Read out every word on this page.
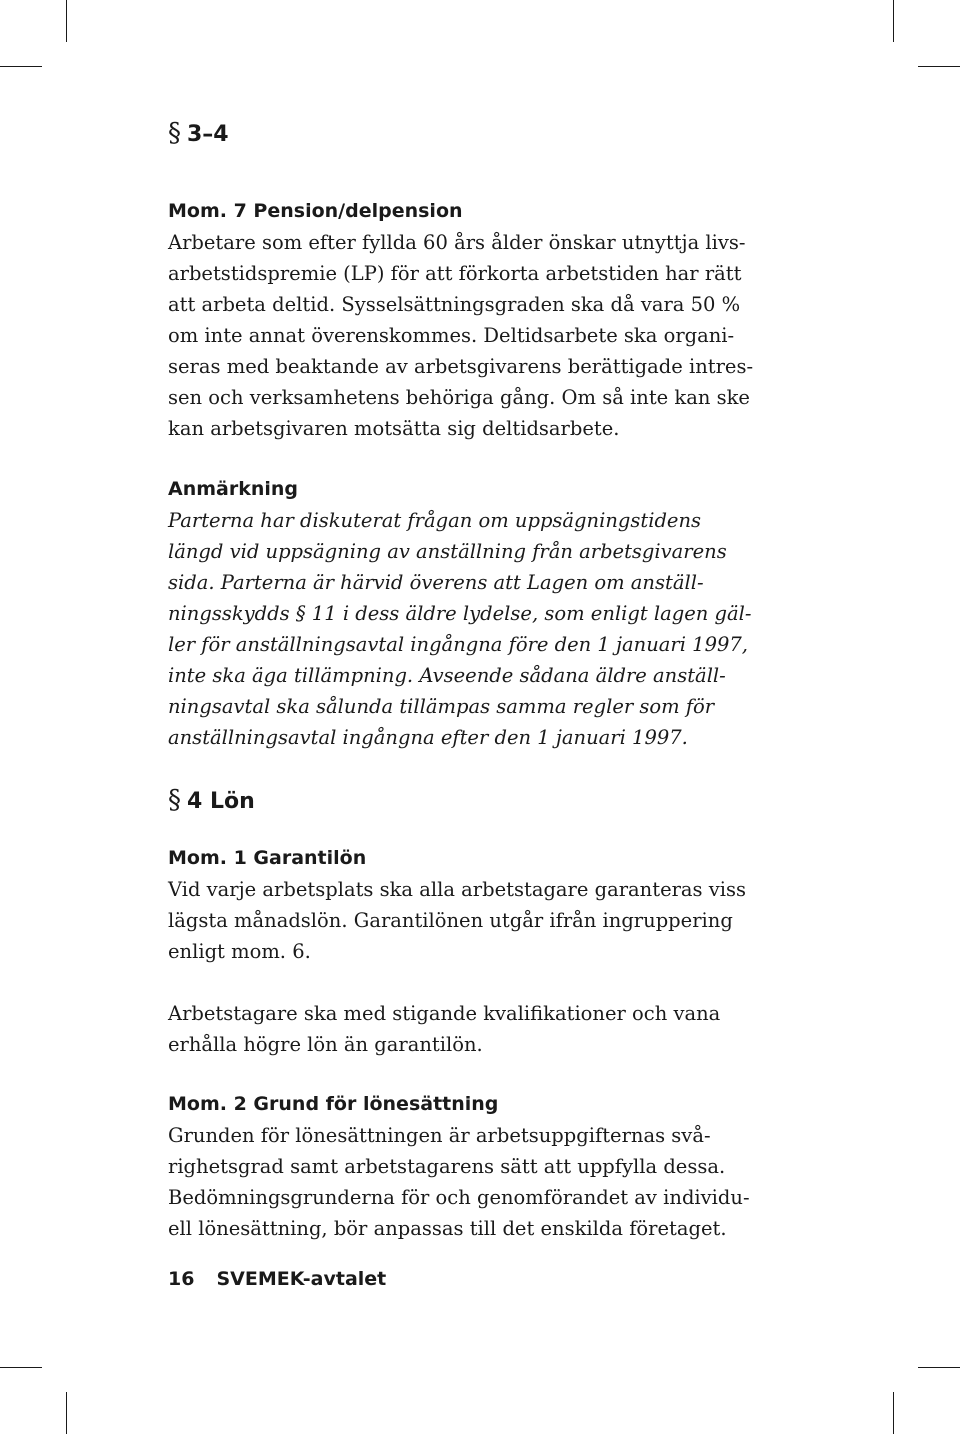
§ 3–4
Mom. 7 Pension/delpension

Arbetare som efter fyllda 60 års ålder önskar utnyttja livs-
arbetstidspremie (LP) för att förkorta arbetstiden har rätt
att arbeta deltid. Sysselsättningsgraden ska då vara 50 %
om inte annat överenskommes. Deltidsarbete ska organi-
seras med beaktande av arbetsgivarens berättigade intres-
sen och verksamhetens behöriga gång. Om så inte kan ske
kan arbetsgivaren motsätta sig deltidsarbete.

Anmärkning

Parterna har diskuterat frågan om uppsägningstidens
längd vid uppsägning av anställning från arbetsgivarens
sida. Parterna är härvid överens att Lagen om anställ-
ningsskydds § 11 i dess äldre lydelse, som enligt lagen gäl-
ler för anställningsavtal ingångna före den 1 januari 1997,
inte ska äga tillämpning. Avseende sådana äldre anställ-
ningsavtal ska sålunda tillämpas samma regler som för
anställningsavtal ingångna efter den 1 januari 1997.

§ 4 Lön
Mom. 1 Garantilön

Vid varje arbetsplats ska alla arbetstagare garanteras viss
lägsta månadslön. Garantilönen utgår ifrån ingruppering
enligt mom. 6.

Arbetstagare ska med stigande kvalifikationer och vana
erhålla högre lön än garantilön.

Mom. 2 Grund för lönesättning

Grunden för lönesättningen är arbetsuppgifternas svå-
righetsgrad samt arbetstagarens sätt att uppfylla dessa.
Bedömningsgrunderna för och genomförandet av individu-
ell lönesättning, bör anpassas till det enskilda företaget.

16 SVEMEK-avtalet
